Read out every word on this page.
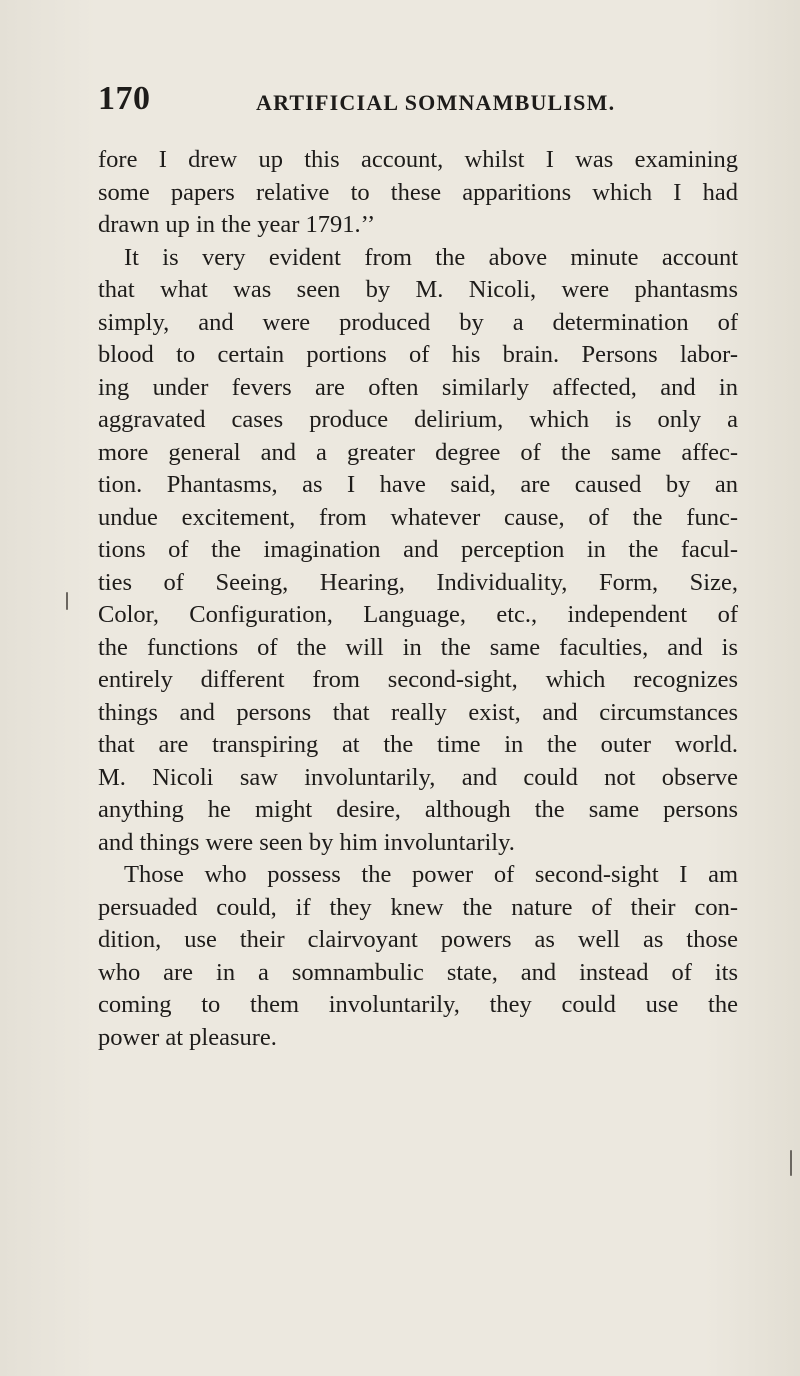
170	ARTIFICIAL SOMNAMBULISM.
fore I drew up this account, whilst I was examining
some papers relative to these apparitions which I had
drawn up in the year 1791.’’
It is very evident from the above minute account
that what was seen by M. Nicoli, were phantasms
simply, and were produced by a determination of
blood to certain portions of his brain. Persons labor-
ing under fevers are often similarly affected, and in
aggravated cases produce delirium, which is only a
more general and a greater degree of the same affec-
tion. Phantasms, as I have said, are caused by an
undue excitement, from whatever cause, of the func-
tions of the imagination and perception in the facul-
ties of Seeing, Hearing, Individuality, Form, Size,
Color, Configuration, Language, etc., independent of
the functions of the will in the same faculties, and is
entirely different from second-sight, which recognizes
things and persons that really exist, and circumstances
that are transpiring at the time in the outer world.
M. Nicoli saw involuntarily, and could not observe
anything he might desire, although the same persons
and things were seen by him involuntarily.
Those who possess the power of second-sight I am
persuaded could, if they knew the nature of their con-
dition, use their clairvoyant powers as well as those
who are in a somnambulic state, and instead of its
coming to them involuntarily, they could use the
power at pleasure.
